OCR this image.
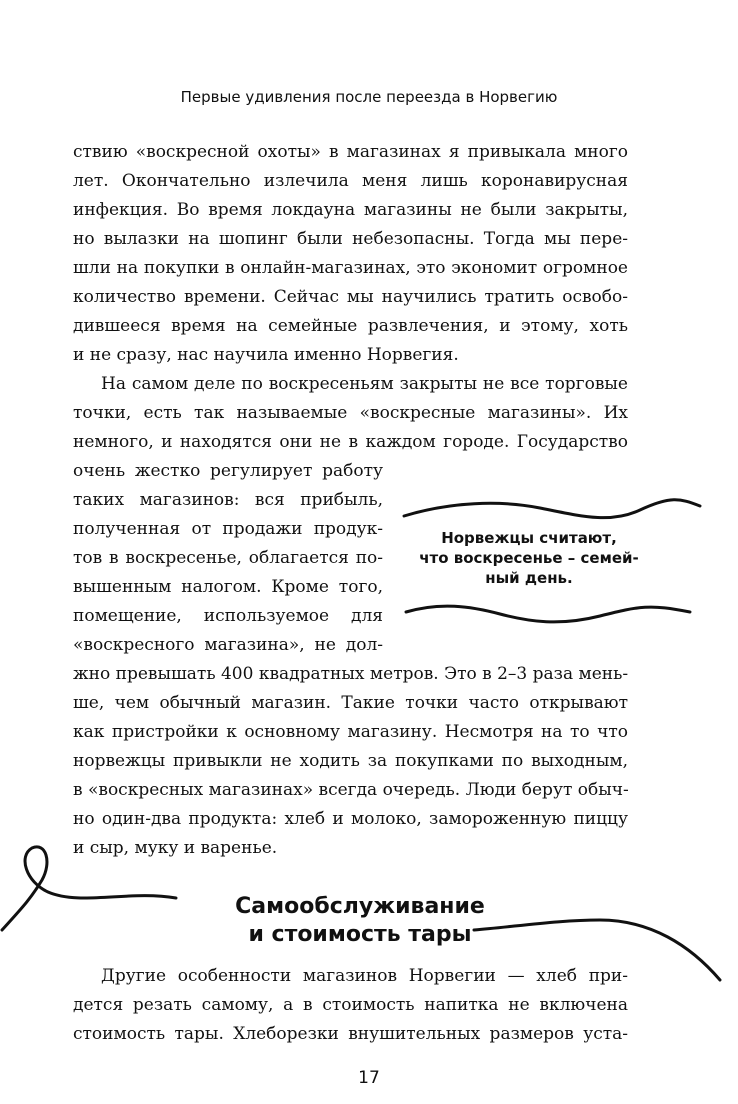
Первые удивления после переезда в Норвегию
ствию «воскресной охоты» в магазинах я привыкала много
лет. Окончательно излечила меня лишь коронавирусная
инфекция. Во время локдауна магазины не были закрыты,
но вылазки на шопинг были небезопасны. Тогда мы пере-
шли на покупки в онлайн-магазинах, это экономит огромное
количество времени. Сейчас мы научились тратить освобо-
дившееся время на семейные развлечения, и этому, хоть
и не сразу, нас научила именно Норвегия.
На самом деле по воскресеньям закрыты не все торговые
точки, есть так называемые «воскресные магазины». Их
немного, и находятся они не в каждом городе. Государство
очень жестко регулирует работу
таких магазинов: вся прибыль,
полученная от продажи продук-
тов в воскресенье, облагается по-
вышенным налогом. Кроме того,
помещение, используемое для
«воскресного магазина», не дол-
жно превышать 400 квадратных метров. Это в 2–3 раза мень-
ше, чем обычный магазин. Такие точки часто открывают
как пристройки к основному магазину. Несмотря на то что
норвежцы привыкли не ходить за покупками по выходным,
в «воскресных магазинах» всегда очередь. Люди берут обыч-
но один-два продукта: хлеб и молоко, замороженную пиццу
и сыр, муку и варенье.
Норвежцы считают,
что воскресенье – семей-
ный день.
Самообслуживание
и стоимость тары
Другие особенности магазинов Норвегии — хлеб при-
дется резать самому, а в стоимость напитка не включена
стоимость тары. Хлеборезки внушительных размеров уста-
17
